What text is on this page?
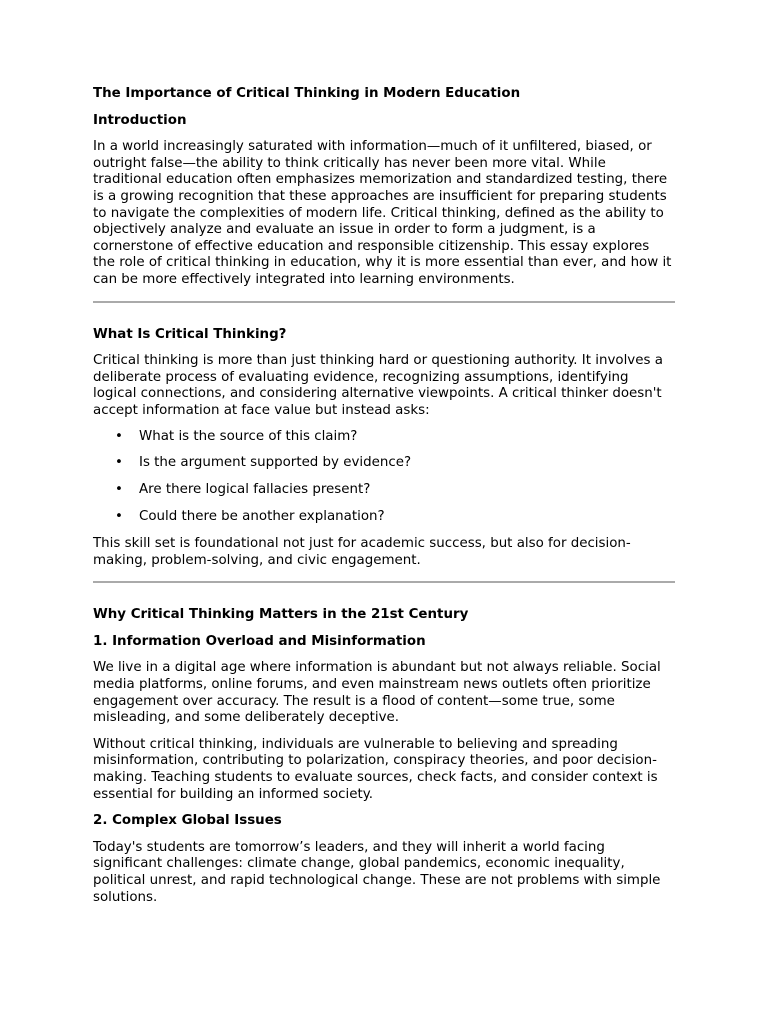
The Importance of Critical Thinking in Modern Education
Introduction

In a world increasingly saturated with information—much of it unfiltered, biased, or outright false—the ability to think critically has never been more vital. While traditional education often emphasizes memorization and standardized testing, there is a growing recognition that these approaches are insufficient for preparing students to navigate the complexities of modern life. Critical thinking, defined as the ability to objectively analyze and evaluate an issue in order to form a judgment, is a cornerstone of effective education and responsible citizenship. This essay explores the role of critical thinking in education, why it is more essential than ever, and how it can be more effectively integrated into learning environments.

What Is Critical Thinking?

Critical thinking is more than just thinking hard or questioning authority. It involves a deliberate process of evaluating evidence, recognizing assumptions, identifying logical connections, and considering alternative viewpoints. A critical thinker doesn't accept information at face value but instead asks:

• What is the source of this claim?
• Is the argument supported by evidence?
• Are there logical fallacies present?
• Could there be another explanation?

This skill set is foundational not just for academic success, but also for decision-making, problem-solving, and civic engagement.

Why Critical Thinking Matters in the 21st Century
1. Information Overload and Misinformation

We live in a digital age where information is abundant but not always reliable. Social media platforms, online forums, and even mainstream news outlets often prioritize engagement over accuracy. The result is a flood of content—some true, some misleading, and some deliberately deceptive.

Without critical thinking, individuals are vulnerable to believing and spreading misinformation, contributing to polarization, conspiracy theories, and poor decision-making. Teaching students to evaluate sources, check facts, and consider context is essential for building an informed society.

2. Complex Global Issues

Today's students are tomorrow’s leaders, and they will inherit a world facing significant challenges: climate change, global pandemics, economic inequality, political unrest, and rapid technological change. These are not problems with simple solutions.
